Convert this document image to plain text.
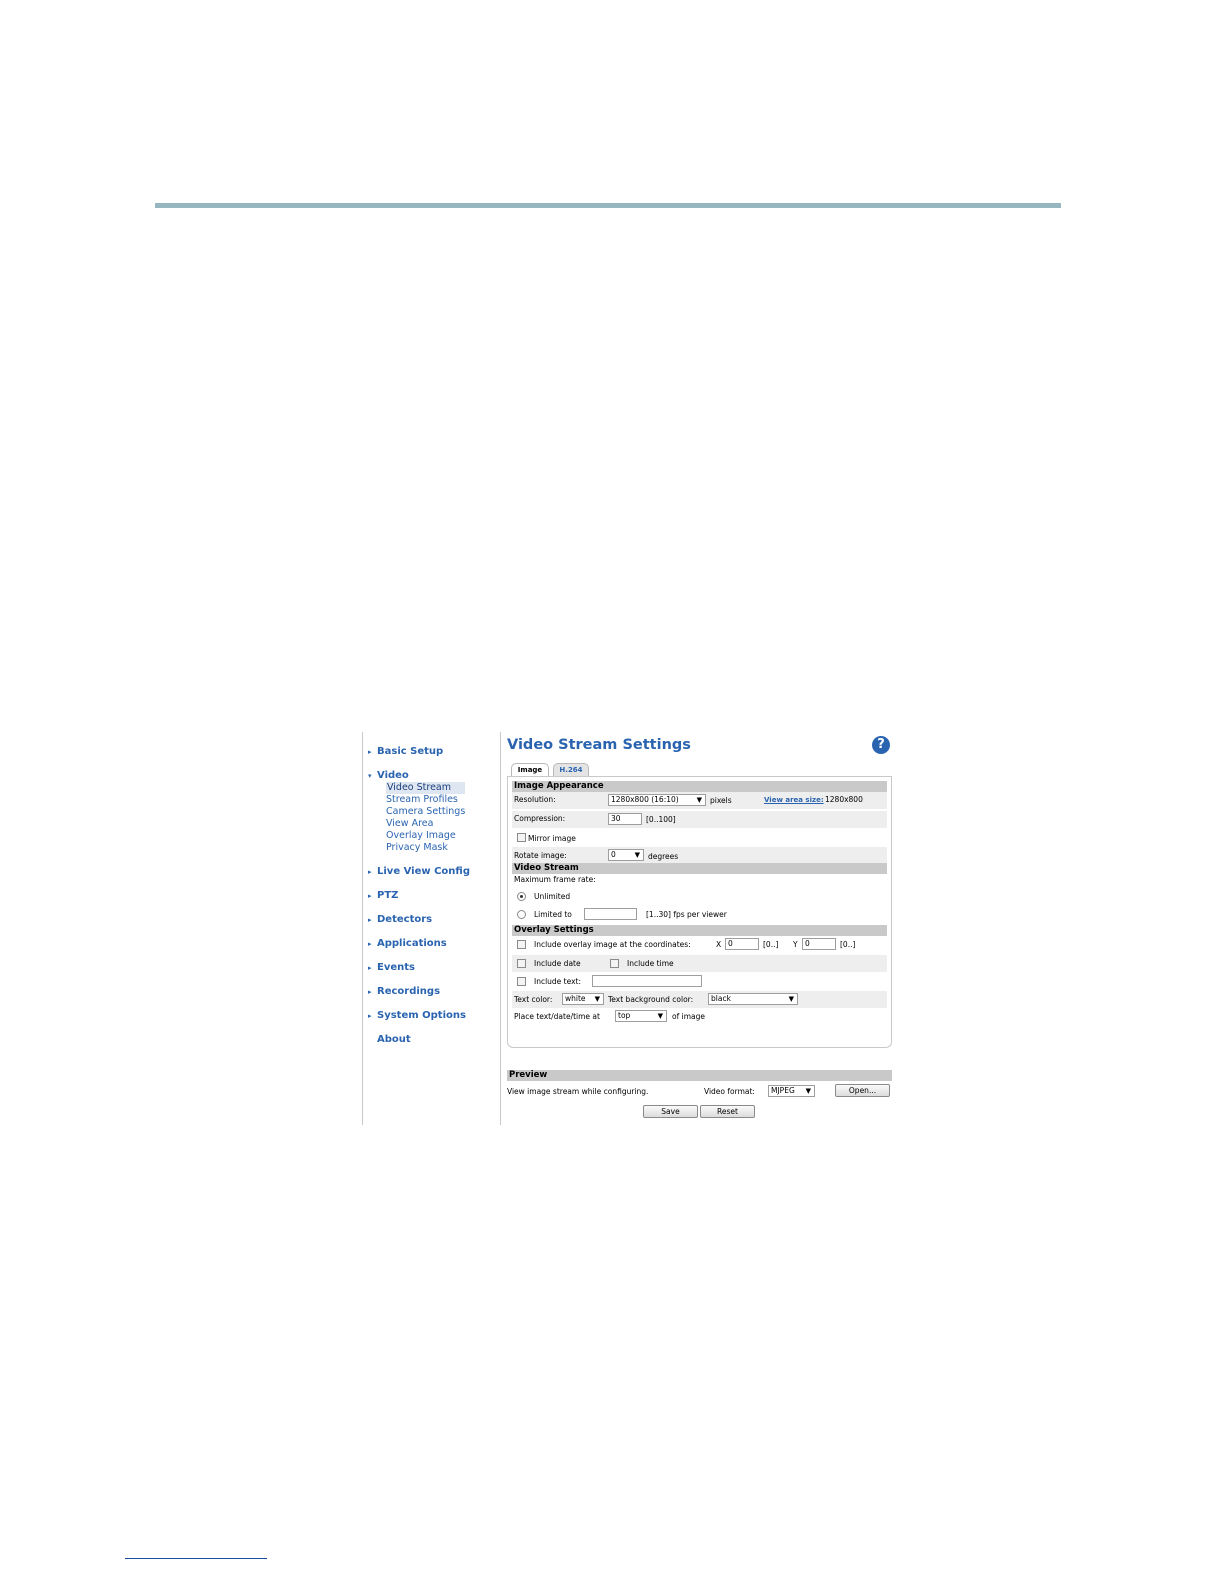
▸ Basic Setup
▾ Video
Video Stream
Stream Profiles
Camera Settings
View Area
Overlay Image
Privacy Mask
▸ Live View Config
▸ PTZ
▸ Detectors
▸ Applications
▸ Events
▸ Recordings
▸ System Options
About
Video Stream Settings	?
Image	H.264
Image Appearance
Resolution:	1280x800 (16:10)	▼ pixels	View area size: 1280x800
Compression:	30	[0..100]
Mirror image
Rotate image:	0	▼ degrees
Video Stream
Maximum frame rate:
Unlimited
Limited to	[1..30] fps per viewer
Overlay Settings
Include overlay image at the coordinates:	X 0	[0..] Y 0	[0..]
Include date	Include time
Include text:
Text color:	white ▼ Text background color:	black	▼
Place text/date/time at	top	▼ of image
Preview
View image stream while configuring.	Video format:	MJPEG ▼	Open...
Save	Reset
